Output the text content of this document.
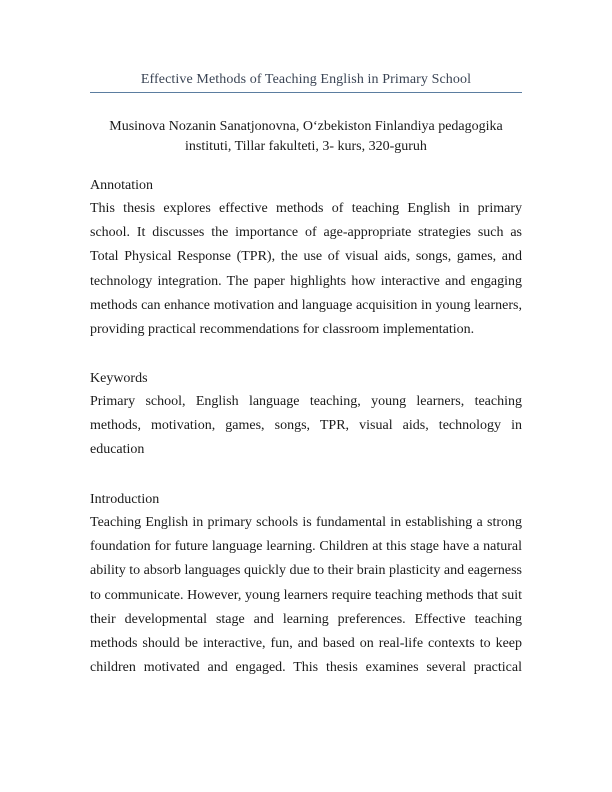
Effective Methods of Teaching English in Primary School
Musinova Nozanin Sanatjonovna, O‘zbekiston Finlandiya pedagogika
instituti, Tillar fakulteti, 3- kurs, 320-guruh
Annotation
This thesis explores effective methods of teaching English in primary
school. It discusses the importance of age-appropriate strategies such as
Total Physical Response (TPR), the use of visual aids, songs, games, and
technology integration. The paper highlights how interactive and engaging
methods can enhance motivation and language acquisition in young learners,
providing practical recommendations for classroom implementation.
Keywords
Primary school, English language teaching, young learners, teaching
methods, motivation, games, songs, TPR, visual aids, technology in
education
Introduction
Teaching English in primary schools is fundamental in establishing a strong
foundation for future language learning. Children at this stage have a natural
ability to absorb languages quickly due to their brain plasticity and eagerness
to communicate. However, young learners require teaching methods that suit
their developmental stage and learning preferences. Effective teaching
methods should be interactive, fun, and based on real-life contexts to keep
children motivated and engaged. This thesis examines several practical
